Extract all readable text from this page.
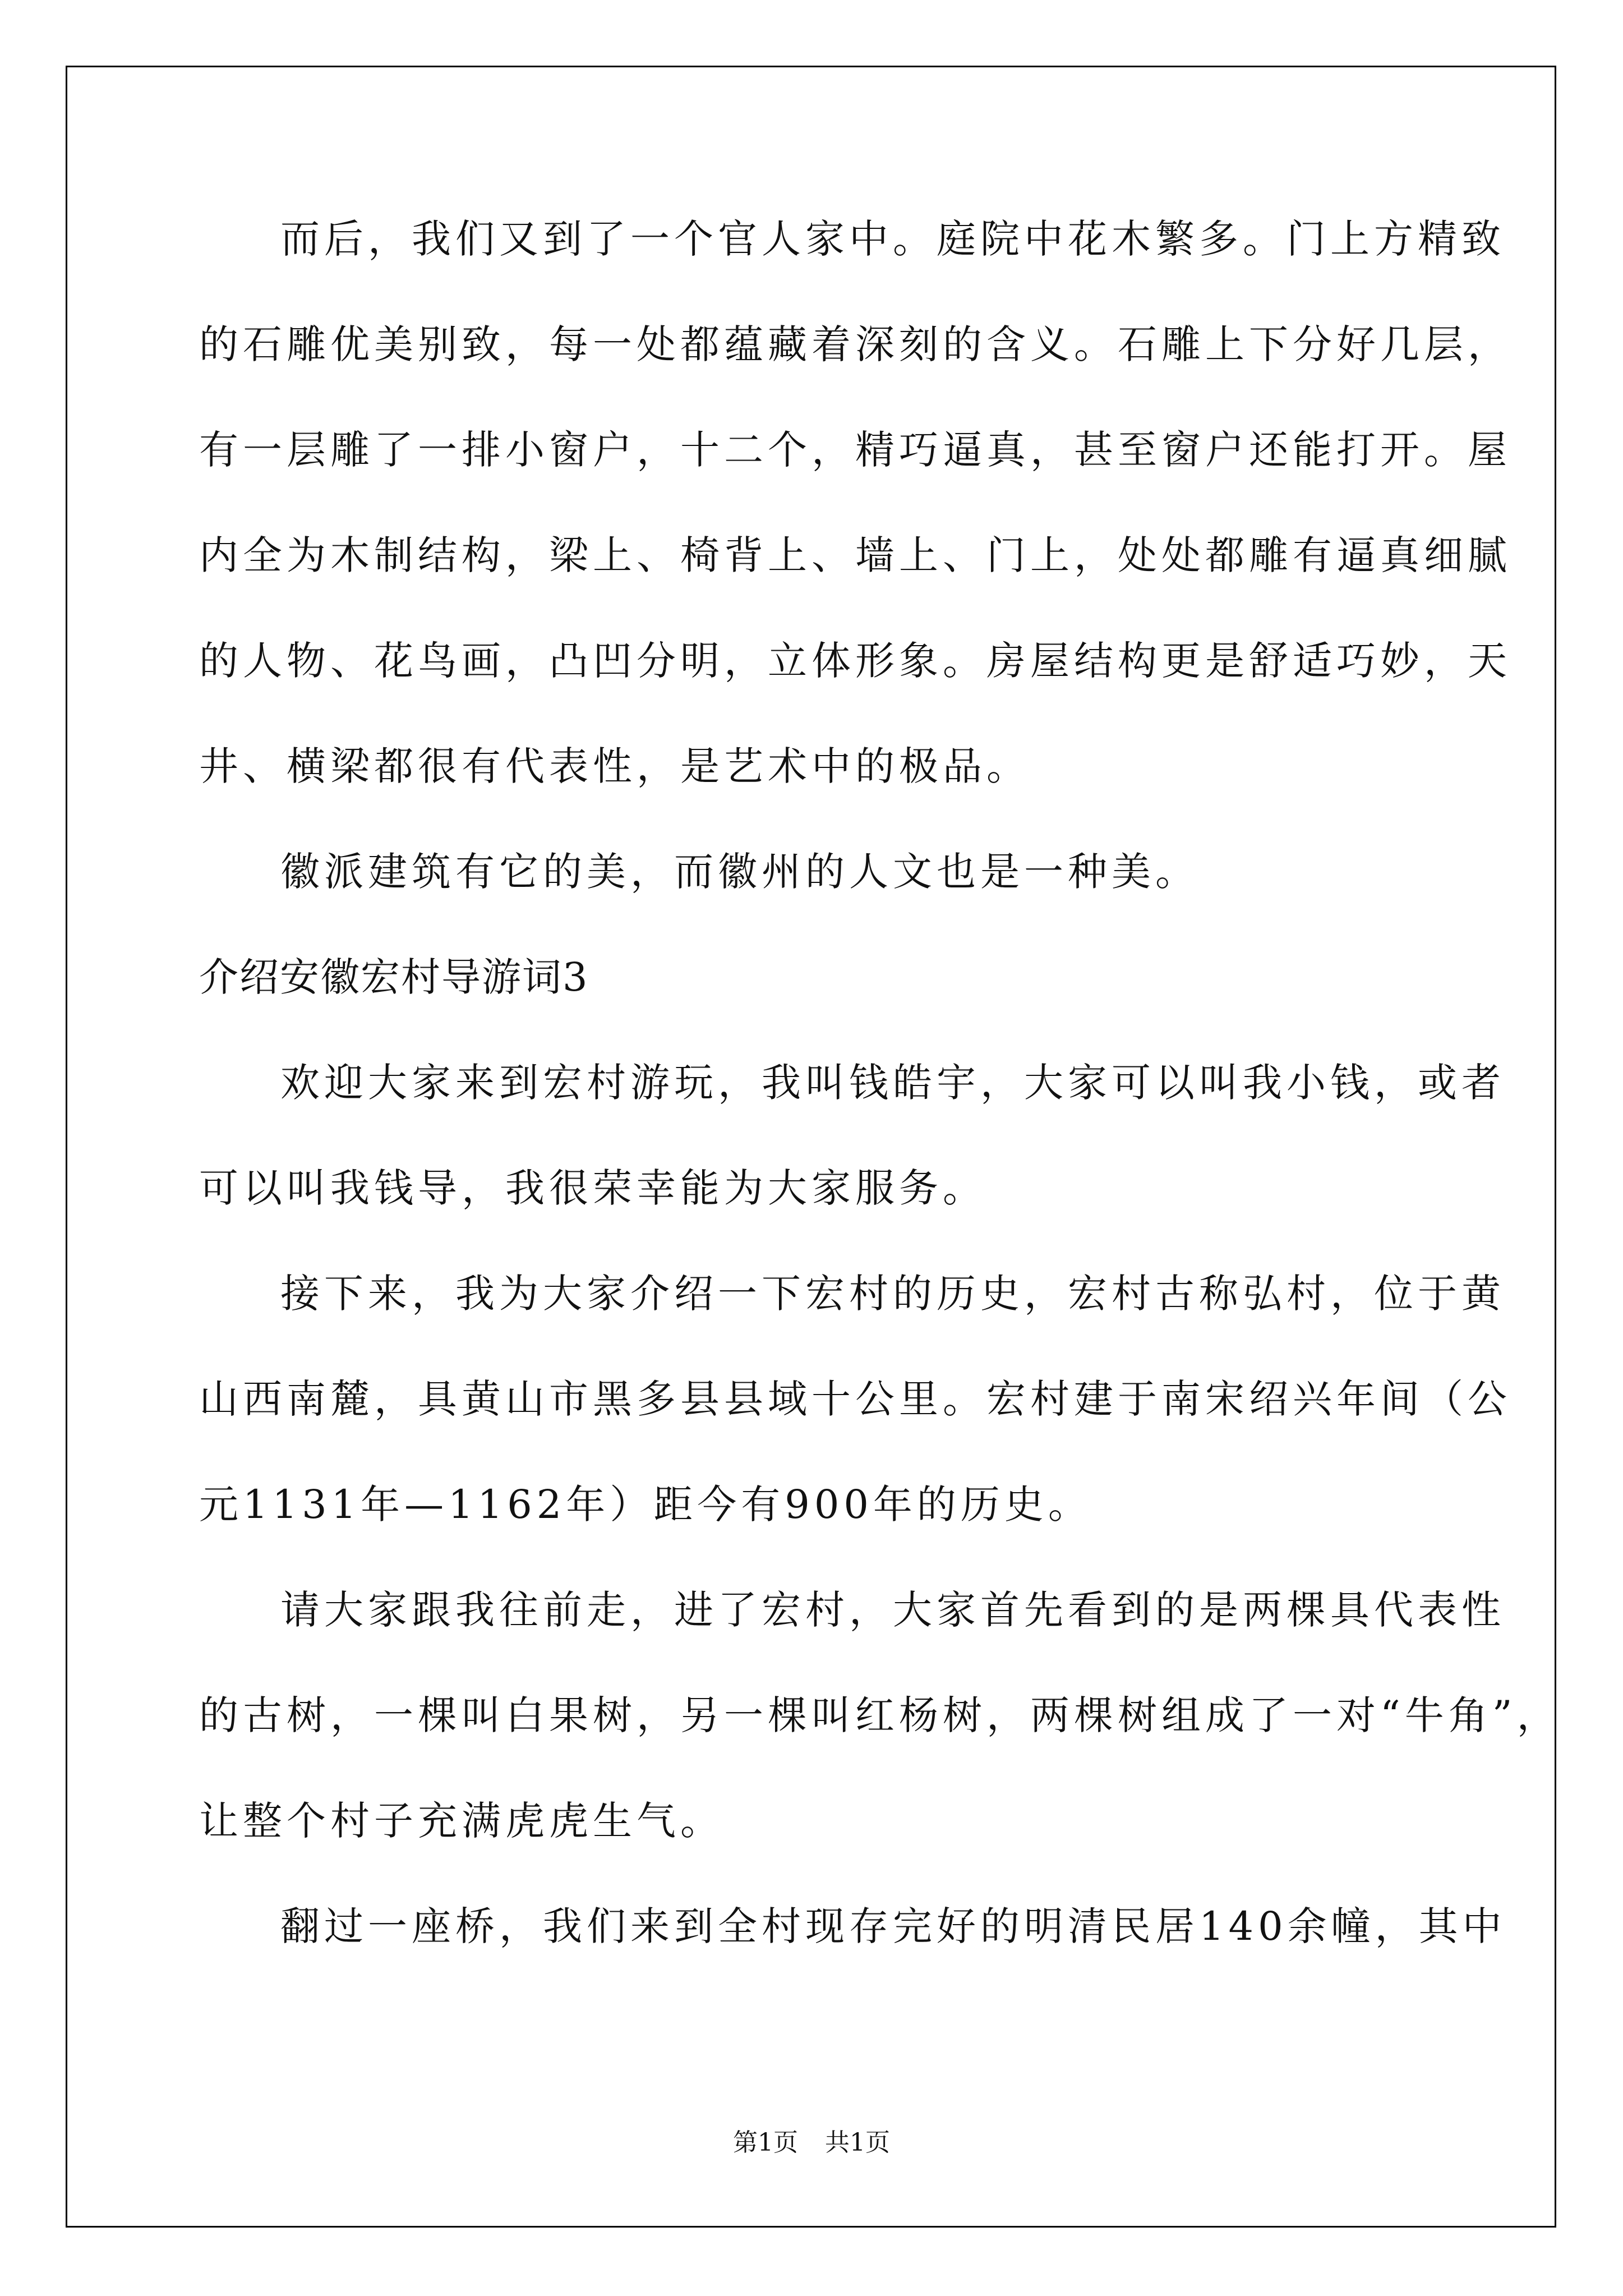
而后，我们又到了一个官人家中。庭院中花木繁多。门上方精致
的石雕优美别致，每一处都蕴藏着深刻的含义。石雕上下分好几层，
有一层雕了一排小窗户，十二个，精巧逼真，甚至窗户还能打开。屋
内全为木制结构，梁上、椅背上、墙上、门上，处处都雕有逼真细腻
的人物、花鸟画，凸凹分明，立体形象。房屋结构更是舒适巧妙，天
井、横梁都很有代表性，是艺术中的极品。
徽派建筑有它的美，而徽州的人文也是一种美。
介绍安徽宏村导游词3
欢迎大家来到宏村游玩，我叫钱皓宇，大家可以叫我小钱，或者
可以叫我钱导，我很荣幸能为大家服务。
接下来，我为大家介绍一下宏村的历史，宏村古称弘村，位于黄
山西南麓，具黄山市黑多县县域十公里。宏村建于南宋绍兴年间（公
元1131年—1162年）距今有900年的历史。
请大家跟我往前走，进了宏村，大家首先看到的是两棵具代表性
的古树，一棵叫白果树，另一棵叫红杨树，两棵树组成了一对“牛角”，
让整个村子充满虎虎生气。
翻过一座桥，我们来到全村现存完好的明清民居140余幢，其中
第1页 共1页
